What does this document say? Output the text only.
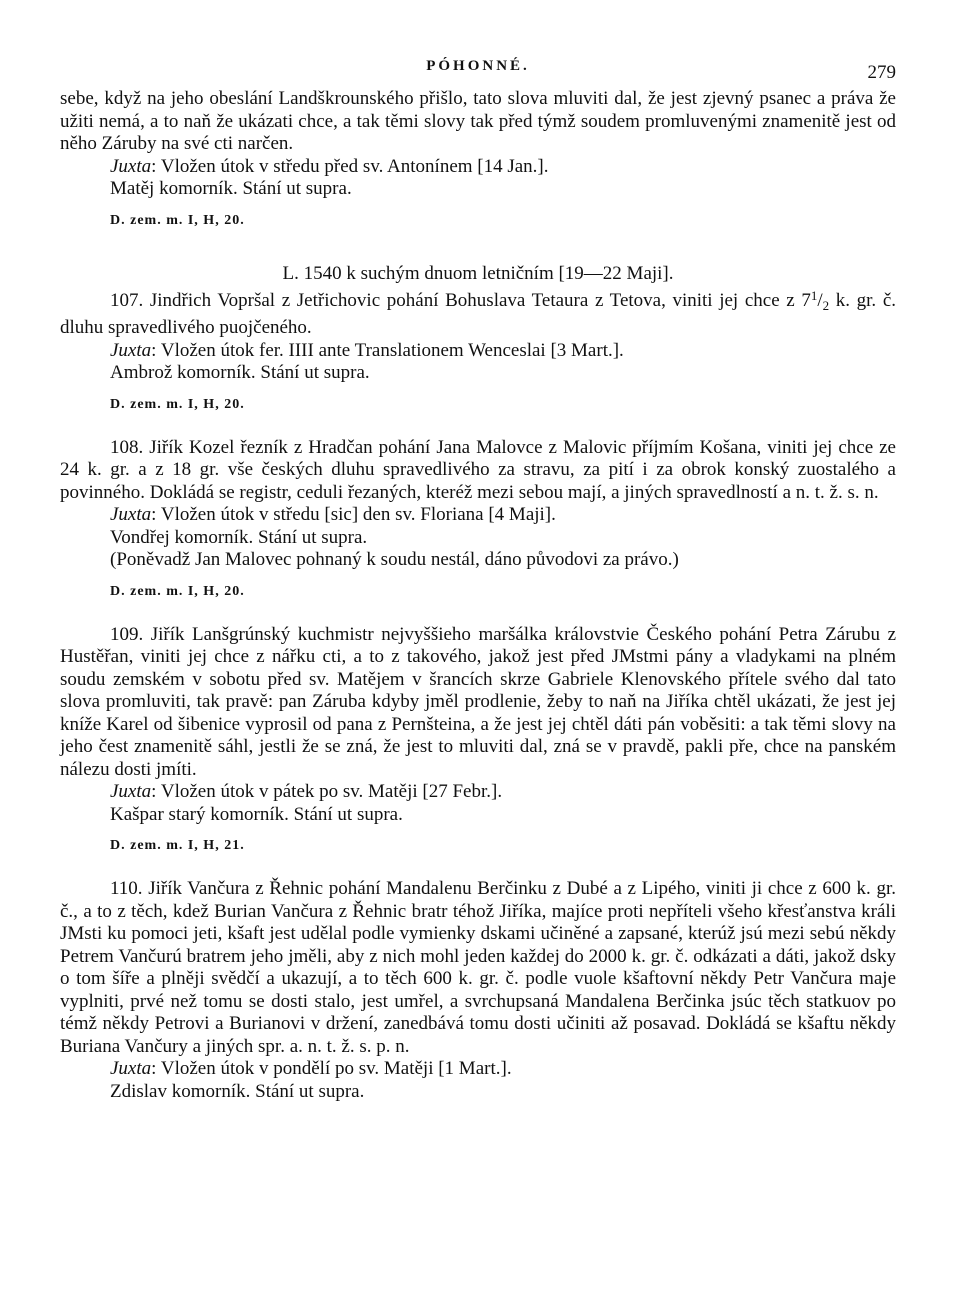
PÓHONNÉ.	279

sebe, když na jeho obeslání Landškrounského přišlo, tato slova mluviti dal, že jest zjevný psanec a práva že užiti nemá, a to naň že ukázati chce, a tak těmi slovy tak před týmž soudem promluvenými znamenitě jest od něho Záruby na své cti narčen.

Juxta: Vložen útok v středu před sv. Antonínem [14 Jan.].

Matěj komorník. Stání ut supra.

D. zem. m. I, H, 20.

L. 1540 k suchým dnuom letničním [19—22 Maji].

107. Jindřich Vopršal z Jetřichovic pohání Bohuslava Tetaura z Tetova, viniti jej chce z $7^1/_2$ k. gr. č. dluhu spravedlivého puojčeného.

Juxta: Vložen útok fer. IIII ante Translationem Wenceslai [3 Mart.].

Ambrož komorník. Stání ut supra.

D. zem. m. I, H, 20.

108. Jiřík Kozel řezník z Hradčan pohání Jana Malovce z Malovic příjmím Košana, viniti jej chce ze 24 k. gr. a z 18 gr. vše českých dluhu spravedlivého za stravu, za pití i za obrok konský zuostalého a povinného. Dokládá se registr, ceduli řezaných, kteréž mezi sebou mají, a jiných spravedlností a n. t. ž. s. n.

Juxta: Vložen útok v středu [sic] den sv. Floriana [4 Maji].

Vondřej komorník. Stání ut supra.

(Poněvadž Jan Malovec pohnaný k soudu nestál, dáno původovi za právo.)

D. zem. m. I, H, 20.

109. Jiřík Lanšgrúnský kuchmistr nejvyššieho maršálka královstvie Českého pohání Petra Zárubu z Hustěřan, viniti jej chce z nářku cti, a to z takového, jakož jest před JMstmi pány a vladykami na plném soudu zemském v sobotu před sv. Matějem v šrancích skrze Gabriele Klenovského přítele svého dal tato slova promluviti, tak pravě: pan Záruba kdyby jměl prodlenie, žeby to naň na Jiříka chtěl ukázati, že jest jej kníže Karel od šibenice vyprosil od pana z Pernšteina, a že jest jej chtěl dáti pán voběsiti: a tak těmi slovy na jeho čest znamenitě sáhl, jestli že se zná, že jest to mluviti dal, zná se v pravdě, pakli pře, chce na panském nálezu dosti jmíti.

Juxta: Vložen útok v pátek po sv. Matěji [27 Febr.].

Kašpar starý komorník. Stání ut supra.

D. zem. m. I, H, 21.

110. Jiřík Vančura z Řehnic pohání Mandalenu Berčinku z Dubé a z Lipého, viniti ji chce z 600 k. gr. č., a to z těch, kdež Burian Vančura z Řehnic bratr téhož Jiříka, majíce proti nepříteli všeho křesťanstva králi JMsti ku pomoci jeti, kšaft jest udělal podle vymienky dskami učiněné a zapsané, kterúž jsú mezi sebú někdy Petrem Vančurú bratrem jeho jměli, aby z nich mohl jeden každej do 2000 k. gr. č. odkázati a dáti, jakož dsky o tom šíře a plněji svědčí a ukazují, a to těch 600 k. gr. č. podle vuole kšaftovní někdy Petr Vančura maje vyplniti, prvé než tomu se dosti stalo, jest umřel, a svrchupsaná Mandalena Berčinka jsúc těch statkuov po témž někdy Petrovi a Burianovi v držení, zanedbává tomu dosti učiniti až posavad. Dokládá se kšaftu někdy Buriana Vančury a jiných spr. a. n. t. ž. s. p. n.

Juxta: Vložen útok v pondělí po sv. Matěji [1 Mart.].

Zdislav komorník. Stání ut supra.
